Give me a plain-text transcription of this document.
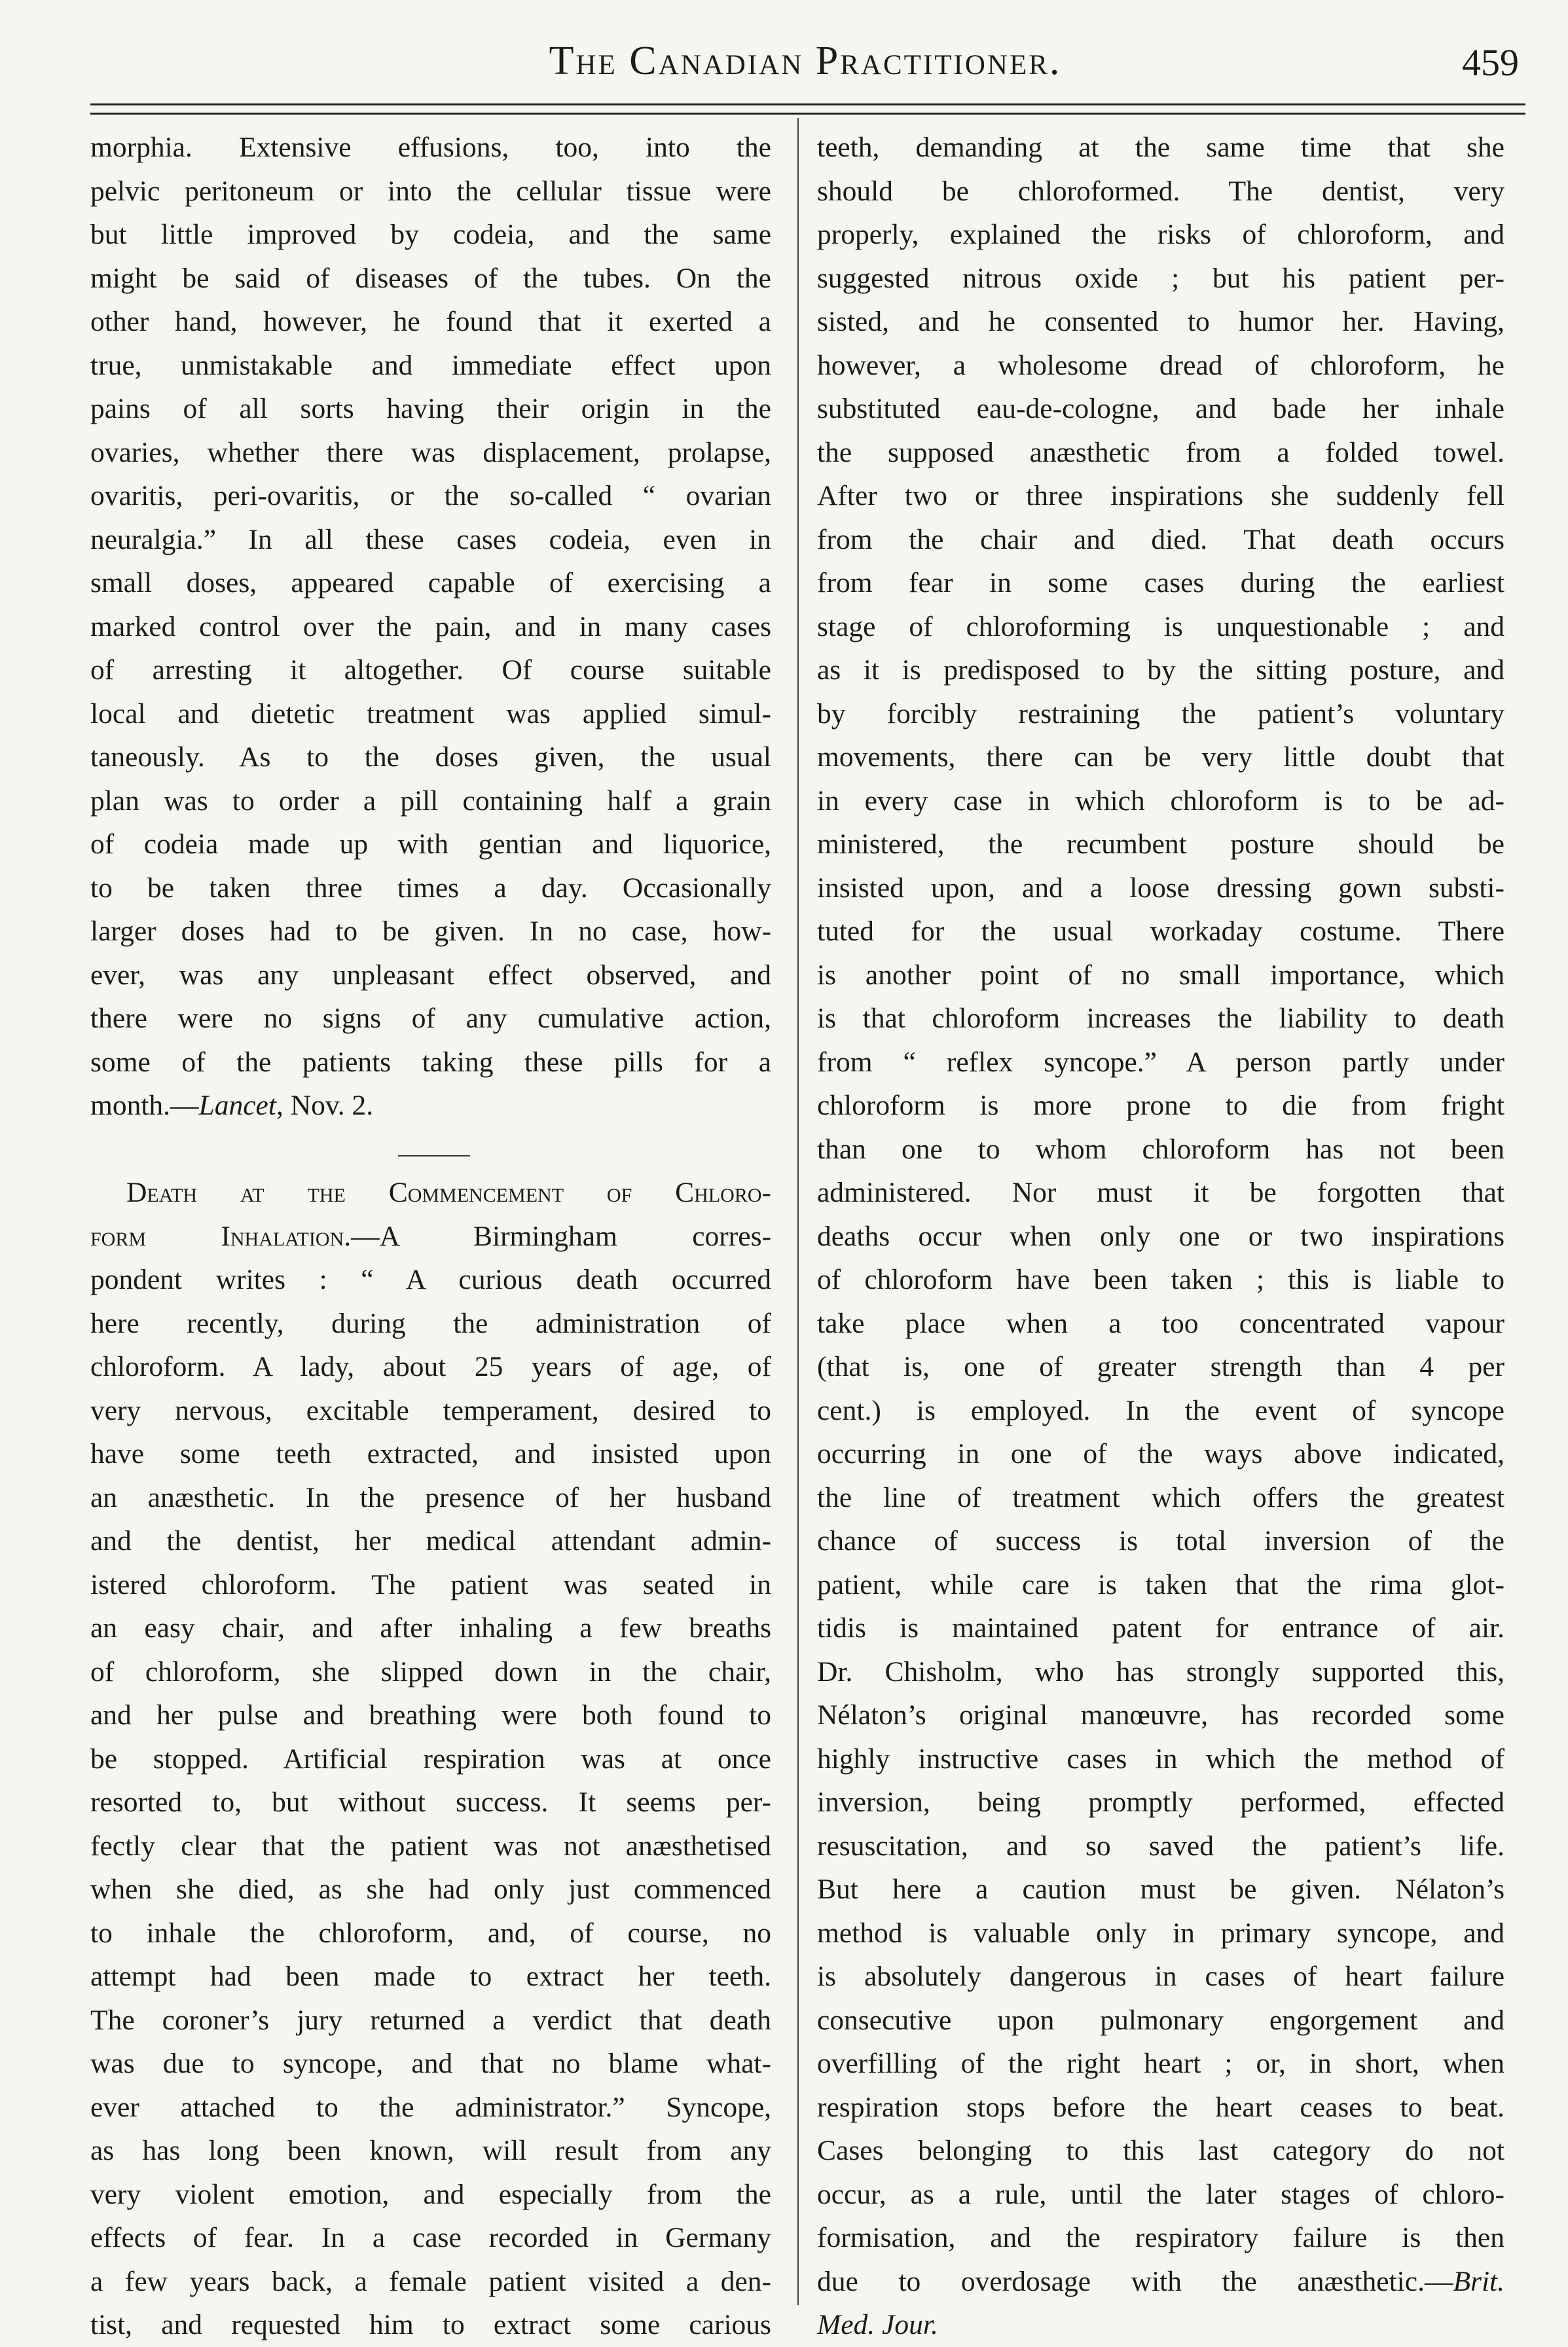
The Canadian Practitioner.	459
morphia. Extensive effusions, too, into the
pelvic peritoneum or into the cellular tissue were
but little improved by codeia, and the same
might be said of diseases of the tubes. On the
other hand, however, he found that it exerted a
true, unmistakable and immediate effect upon
pains of all sorts having their origin in the
ovaries, whether there was displacement, prolapse,
ovaritis, peri-ovaritis, or the so-called “ ovarian
neuralgia.” In all these cases codeia, even in
small doses, appeared capable of exercising a
marked control over the pain, and in many cases
of arresting it altogether. Of course suitable
local and dietetic treatment was applied simul-
taneously. As to the doses given, the usual
plan was to order a pill containing half a grain
of codeia made up with gentian and liquorice,
to be taken three times a day. Occasionally
larger doses had to be given. In no case, how-
ever, was any unpleasant effect observed, and
there were no signs of any cumulative action,
some of the patients taking these pills for a
month.—Lancet, Nov. 2.
Death at the Commencement of Chloro-
form Inhalation.—A Birmingham corres-
pondent writes : “ A curious death occurred
here recently, during the administration of
chloroform. A lady, about 25 years of age, of
very nervous, excitable temperament, desired to
have some teeth extracted, and insisted upon
an anæsthetic. In the presence of her husband
and the dentist, her medical attendant admin-
istered chloroform. The patient was seated in
an easy chair, and after inhaling a few breaths
of chloroform, she slipped down in the chair,
and her pulse and breathing were both found to
be stopped. Artificial respiration was at once
resorted to, but without success. It seems per-
fectly clear that the patient was not anæsthetised
when she died, as she had only just commenced
to inhale the chloroform, and, of course, no
attempt had been made to extract her teeth.
The coroner’s jury returned a verdict that death
was due to syncope, and that no blame what-
ever attached to the administrator.” Syncope,
as has long been known, will result from any
very violent emotion, and especially from the
effects of fear. In a case recorded in Germany
a few years back, a female patient visited a den-
tist, and requested him to extract some carious
teeth, demanding at the same time that she
should be chloroformed. The dentist, very
properly, explained the risks of chloroform, and
suggested nitrous oxide ; but his patient per-
sisted, and he consented to humor her. Having,
however, a wholesome dread of chloroform, he
substituted eau-de-cologne, and bade her inhale
the supposed anæsthetic from a folded towel.
After two or three inspirations she suddenly fell
from the chair and died. That death occurs
from fear in some cases during the earliest
stage of chloroforming is unquestionable ; and
as it is predisposed to by the sitting posture, and
by forcibly restraining the patient’s voluntary
movements, there can be very little doubt that
in every case in which chloroform is to be ad-
ministered, the recumbent posture should be
insisted upon, and a loose dressing gown substi-
tuted for the usual workaday costume. There
is another point of no small importance, which
is that chloroform increases the liability to death
from “ reflex syncope.” A person partly under
chloroform is more prone to die from fright
than one to whom chloroform has not been
administered. Nor must it be forgotten that
deaths occur when only one or two inspirations
of chloroform have been taken ; this is liable to
take place when a too concentrated vapour
(that is, one of greater strength than 4 per
cent.) is employed. In the event of syncope
occurring in one of the ways above indicated,
the line of treatment which offers the greatest
chance of success is total inversion of the
patient, while care is taken that the rima glot-
tidis is maintained patent for entrance of air.
Dr. Chisholm, who has strongly supported this,
Nélaton’s original manœuvre, has recorded some
highly instructive cases in which the method of
inversion, being promptly performed, effected
resuscitation, and so saved the patient’s life.
But here a caution must be given. Nélaton’s
method is valuable only in primary syncope, and
is absolutely dangerous in cases of heart failure
consecutive upon pulmonary engorgement and
overfilling of the right heart ; or, in short, when
respiration stops before the heart ceases to beat.
Cases belonging to this last category do not
occur, as a rule, until the later stages of chloro-
formisation, and the respiratory failure is then
due to overdosage with the anæsthetic.—Brit.
Med. Jour.
